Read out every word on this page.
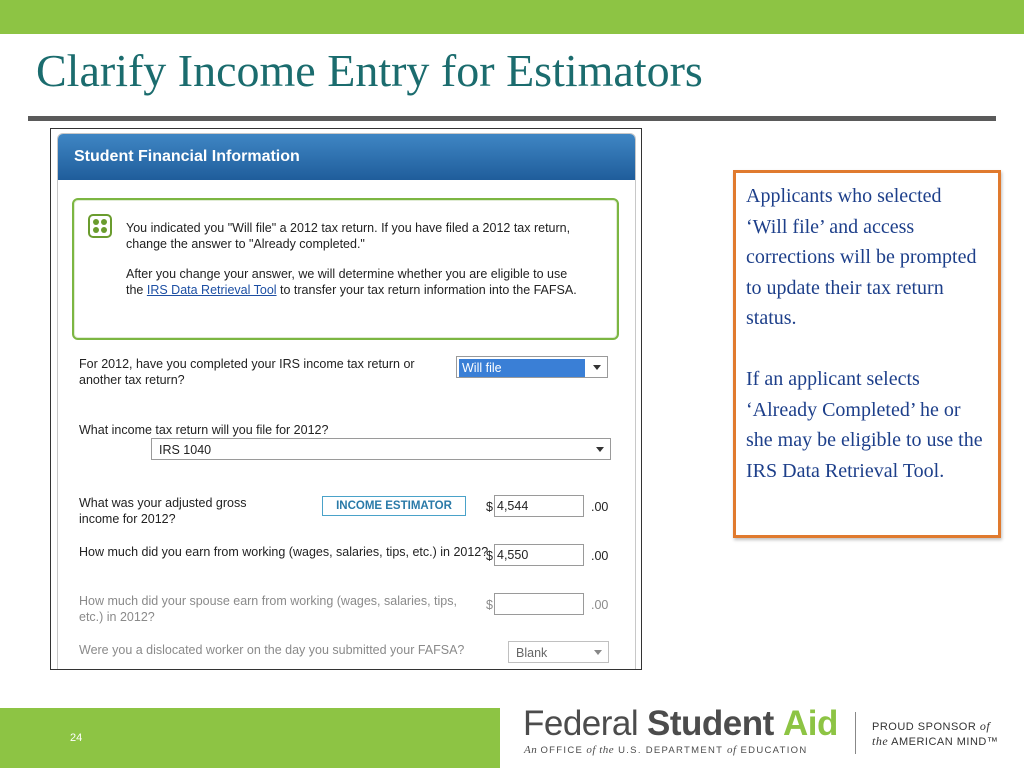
Clarify Income Entry for Estimators
Student Financial Information

You indicated you "Will file" a 2012 tax return. If you have filed a 2012 tax return, change the answer to "Already completed."

After you change your answer, we will determine whether you are eligible to use the IRS Data Retrieval Tool to transfer your tax return information into the FAFSA.

For 2012, have you completed your IRS income tax return or another tax return?
Will file
What income tax return will you file for 2012?
IRS 1040
What was your adjusted gross income for 2012?
INCOME ESTIMATOR	$ 4,544	.00
How much did you earn from working (wages, salaries, tips, etc.) in 2012?
$ 4,550	.00
How much did your spouse earn from working (wages, salaries, tips, etc.) in 2012?
$	.00
Were you a dislocated worker on the day you submitted your FAFSA?	Blank

Applicants who selected ‘Will file’ and access corrections will be prompted to update their tax return status.

If an applicant selects ‘Already Completed’ he or she may be eligible to use the IRS Data Retrieval Tool.

24	Federal Student Aid
An OFFICE of the U.S. DEPARTMENT of EDUCATION
PROUD SPONSOR of
the AMERICAN MIND™
